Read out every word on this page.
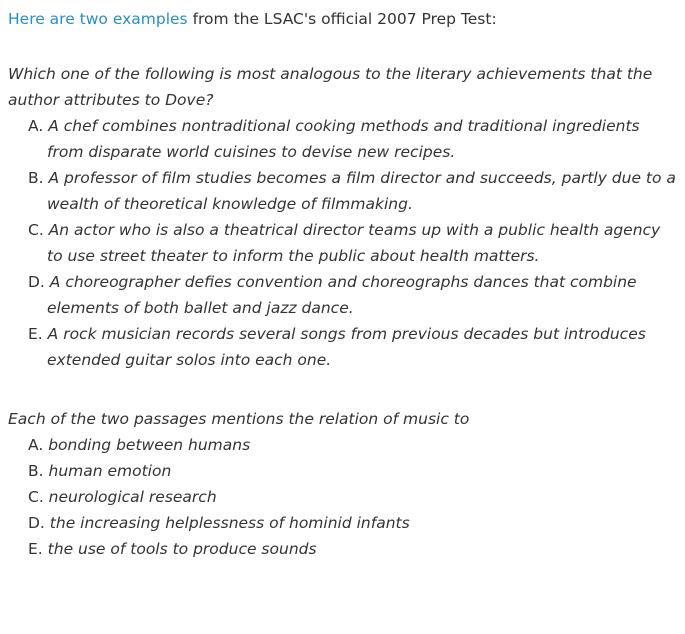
Here are two examples from the LSAC's official 2007 Prep Test:

Which one of the following is most analogous to the literary achievements that the author attributes to Dove?

A. A chef combines nontraditional cooking methods and traditional ingredients from disparate world cuisines to devise new recipes.
B. A professor of film studies becomes a film director and succeeds, partly due to a wealth of theoretical knowledge of filmmaking.
C. An actor who is also a theatrical director teams up with a public health agency to use street theater to inform the public about health matters.
D. A choreographer defies convention and choreographs dances that combine elements of both ballet and jazz dance.
E. A rock musician records several songs from previous decades but introduces extended guitar solos into each one.

Each of the two passages mentions the relation of music to

A. bonding between humans
B. human emotion
C. neurological research
D. the increasing helplessness of hominid infants
E. the use of tools to produce sounds
